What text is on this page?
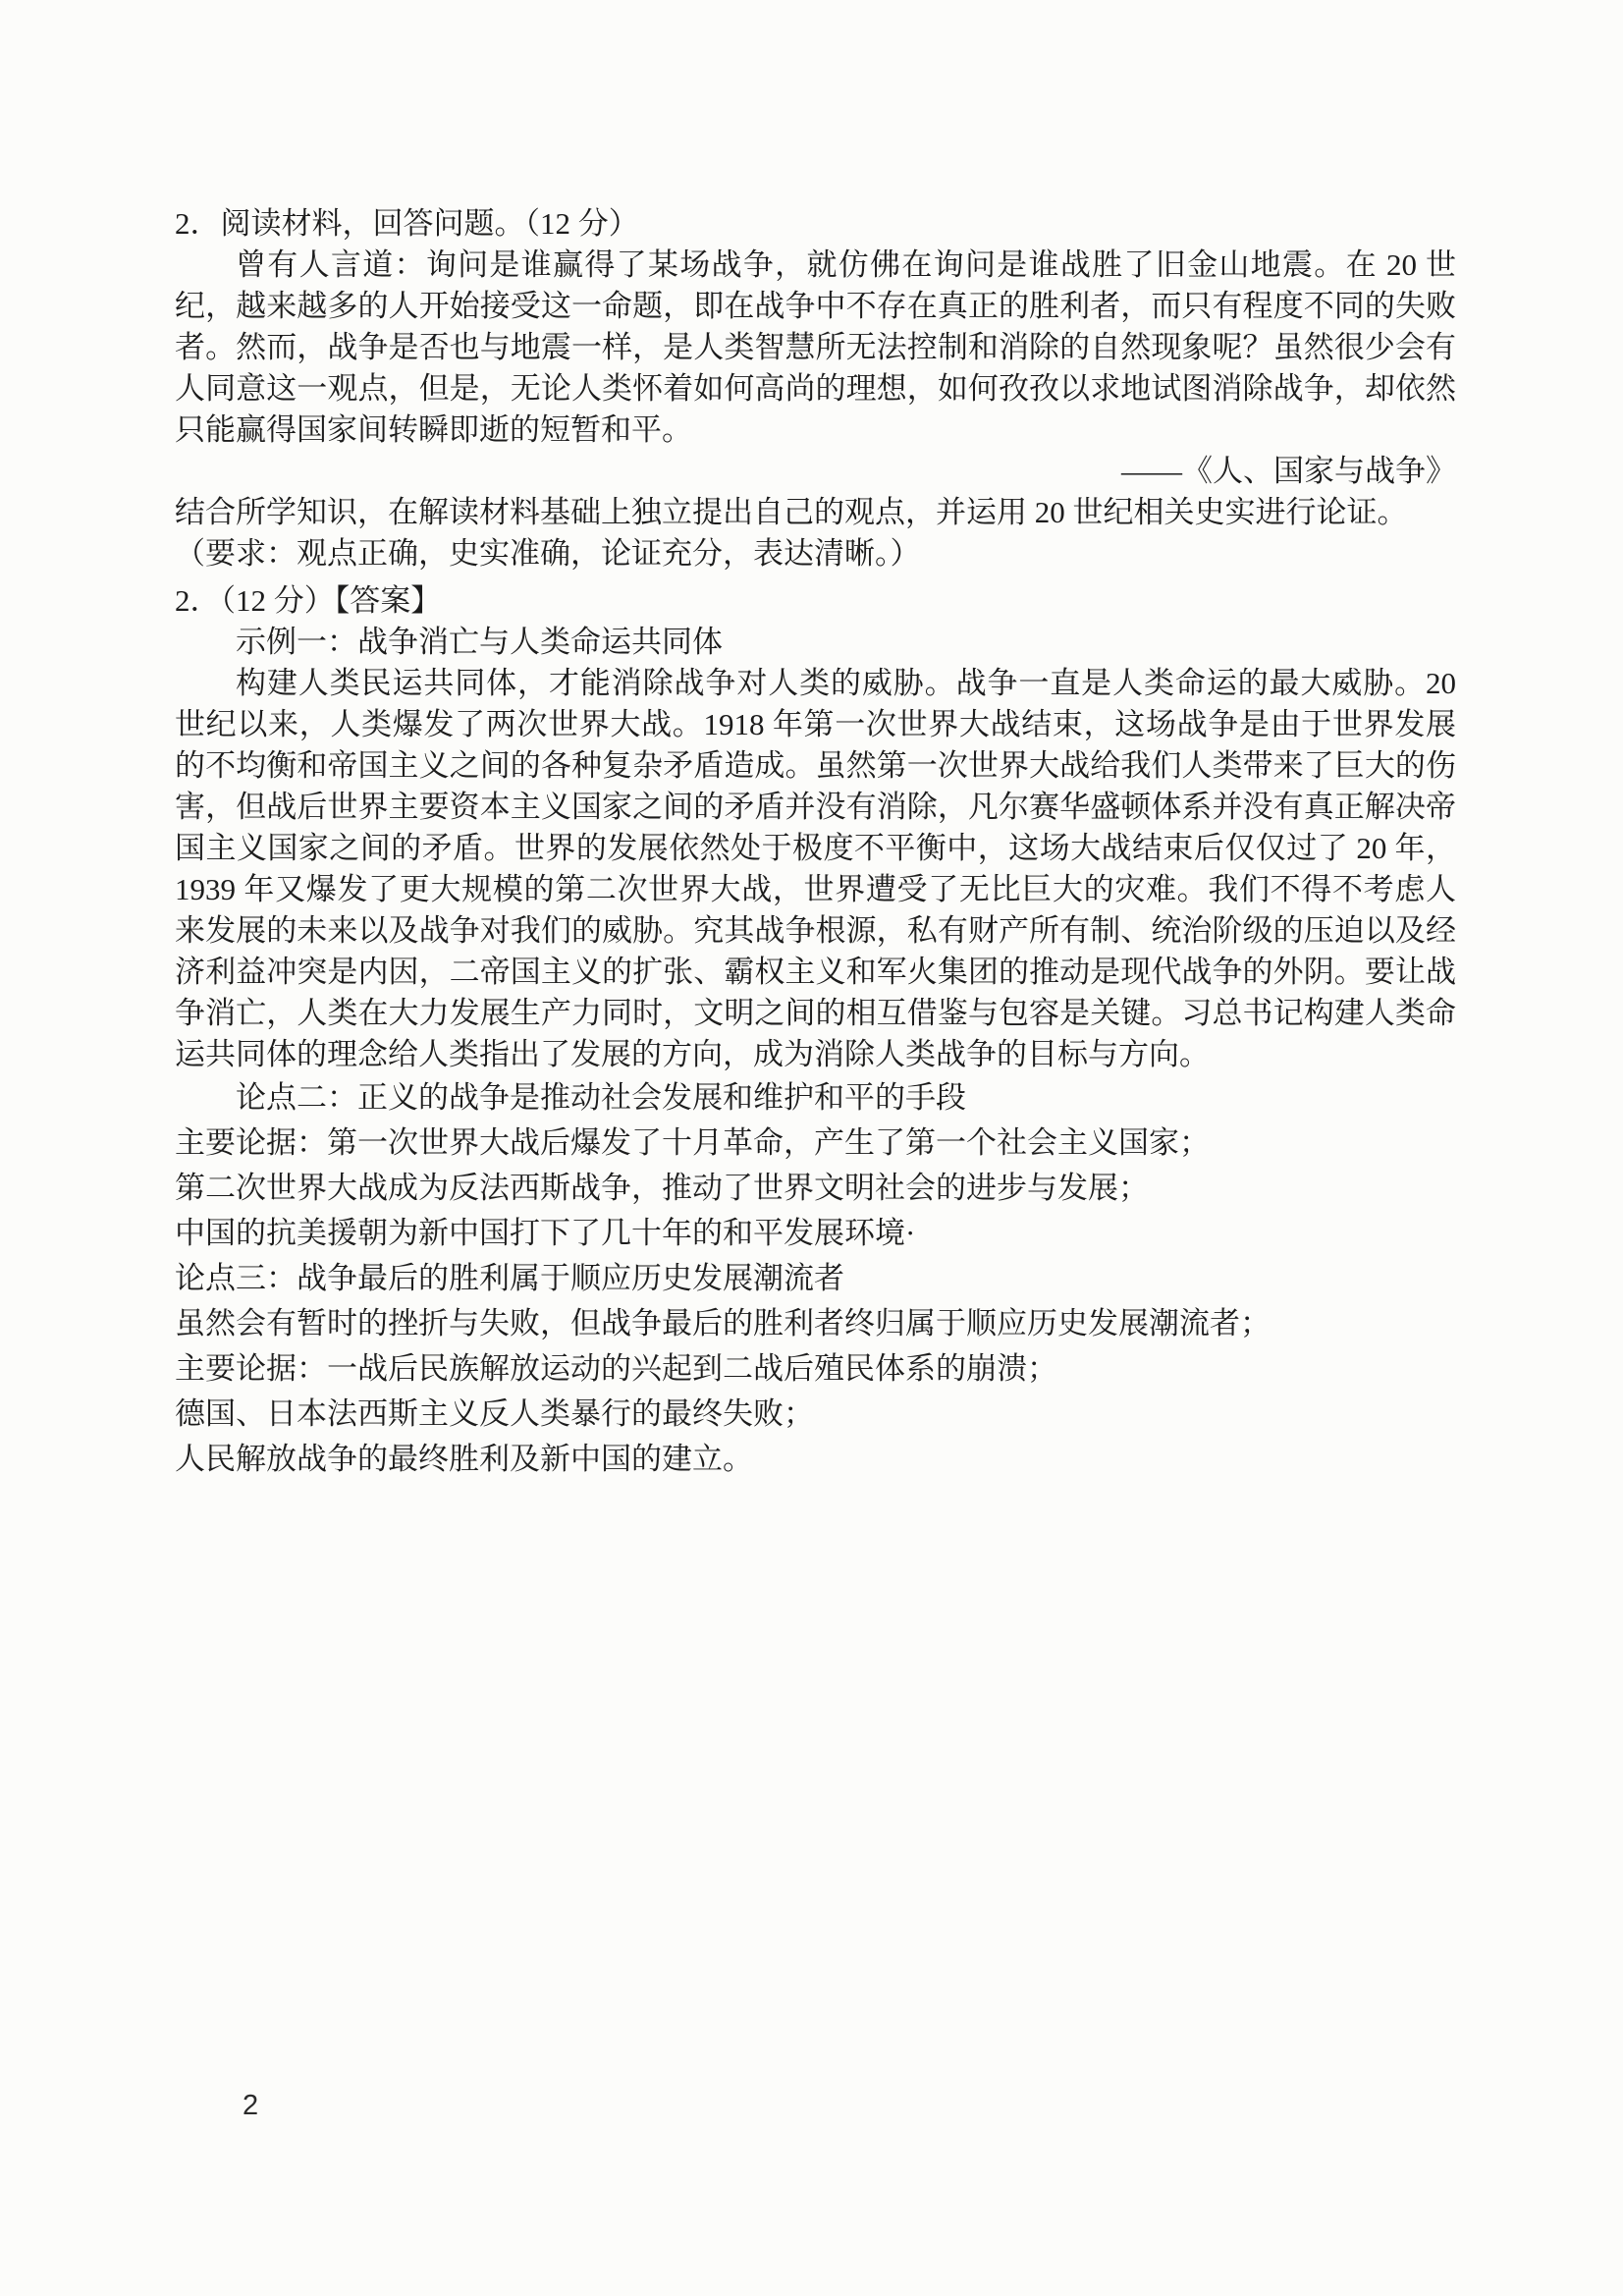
2．阅读材料，回答问题。（12 分）

曾有人言道：询问是谁赢得了某场战争，就仿佛在询问是谁战胜了旧金山地震。在 20 世纪，越来越多的人开始接受这一命题，即在战争中不存在真正的胜利者，而只有程度不同的失败者。然而，战争是否也与地震一样，是人类智慧所无法控制和消除的自然现象呢？虽然很少会有人同意这一观点，但是，无论人类怀着如何高尚的理想，如何孜孜以求地试图消除战争，却依然只能赢得国家间转瞬即逝的短暂和平。

——《人、国家与战争》

结合所学知识，在解读材料基础上独立提出自己的观点，并运用 20 世纪相关史实进行论证。

（要求：观点正确，史实准确，论证充分，表达清晰。）

2．（12 分）【答案】

示例一：战争消亡与人类命运共同体

构建人类民运共同体，才能消除战争对人类的威胁。战争一直是人类命运的最大威胁。20 世纪以来，人类爆发了两次世界大战。1918 年第一次世界大战结束，这场战争是由于世界发展的不均衡和帝国主义之间的各种复杂矛盾造成。虽然第一次世界大战给我们人类带来了巨大的伤害，但战后世界主要资本主义国家之间的矛盾并没有消除，凡尔赛华盛顿体系并没有真正解决帝国主义国家之间的矛盾。世界的发展依然处于极度不平衡中，这场大战结束后仅仅过了 20 年，1939 年又爆发了更大规模的第二次世界大战，世界遭受了无比巨大的灾难。我们不得不考虑人来发展的未来以及战争对我们的威胁。究其战争根源，私有财产所有制、统治阶级的压迫以及经济利益冲突是内因，二帝国主义的扩张、霸权主义和军火集团的推动是现代战争的外阴。要让战争消亡，人类在大力发展生产力同时，文明之间的相互借鉴与包容是关键。习总书记构建人类命运共同体的理念给人类指出了发展的方向，成为消除人类战争的目标与方向。

论点二：正义的战争是推动社会发展和维护和平的手段

主要论据：第一次世界大战后爆发了十月革命，产生了第一个社会主义国家；

第二次世界大战成为反法西斯战争，推动了世界文明社会的进步与发展；

中国的抗美援朝为新中国打下了几十年的和平发展环境·

论点三：战争最后的胜利属于顺应历史发展潮流者

虽然会有暂时的挫折与失败，但战争最后的胜利者终归属于顺应历史发展潮流者；

主要论据：一战后民族解放运动的兴起到二战后殖民体系的崩溃；

德国、日本法西斯主义反人类暴行的最终失败；

人民解放战争的最终胜利及新中国的建立。

2
